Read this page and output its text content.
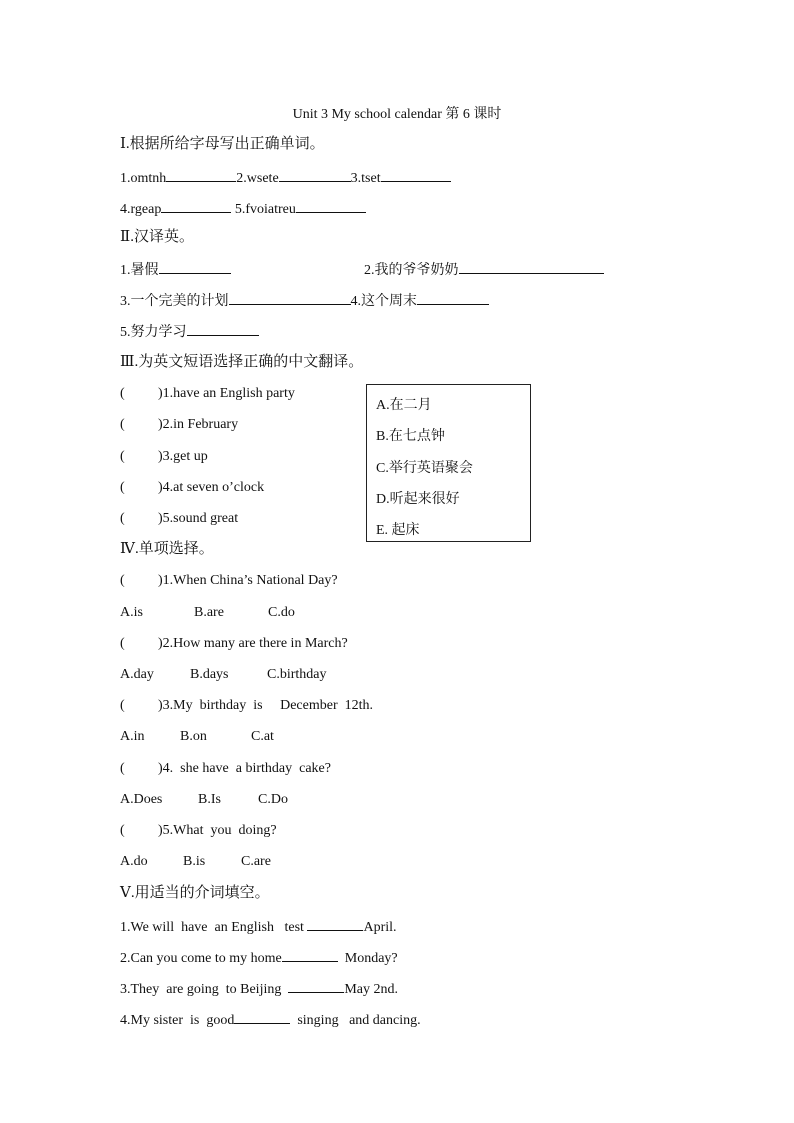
Unit 3 My school calendar 第 6 课时
Ⅰ.根据所给字母写出正确单词。
1.omtnh	2.wsete	3.tset
4.rgeap	5.fvoiatreu
Ⅱ.汉译英。
1.暑假	2.我的爷爷奶奶
3.一个完美的计划	4.这个周末
5.努力学习
Ⅲ.为英文短语选择正确的中文翻译。
( )1.have an English party
( )2.in February
( )3.get up
( )4.at seven o’clock
( )5.sound great
A.在二月
B.在七点钟
C.举行英语聚会
D.听起来很好
E. 起床
Ⅳ.单项选择。
( )1.When China’s National Day?
A.is	B.are	C.do
( )2.How many are there in March?
A.day	B.days	C.birthday
( )3.My  birthday  is     December  12th.
A.in	B.on	C.at
( )4.  she have  a birthday  cake?
A.Does	B.Is	C.Do
( )5.What  you  doing?
A.do	B.is	C.are
Ⅴ.用适当的介词填空。
1.We will  have  an English   test	April.
2.Can you come to my home	Monday?
3.They  are going  to Beijing	May 2nd.
4.My sister  is  good	singing   and dancing.
